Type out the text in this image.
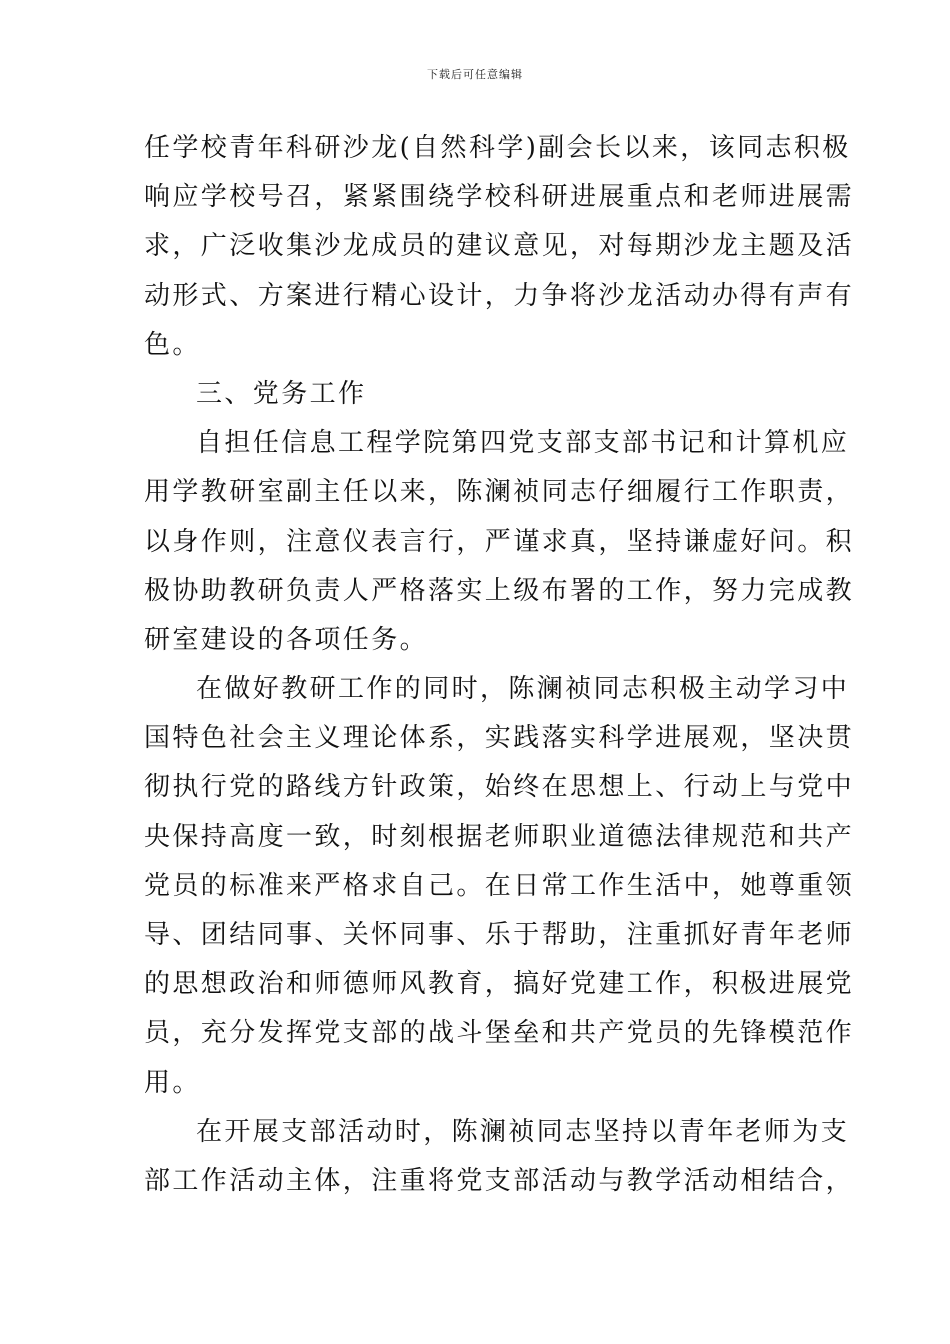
下载后可任意编辑
任学校青年科研沙龙(自然科学)副会长以来，该同志积极
响应学校号召，紧紧围绕学校科研进展重点和老师进展需
求，广泛收集沙龙成员的建议意见，对每期沙龙主题及活
动形式、方案进行精心设计，力争将沙龙活动办得有声有
色。
三、党务工作
自担任信息工程学院第四党支部支部书记和计算机应
用学教研室副主任以来，陈澜祯同志仔细履行工作职责，
以身作则，注意仪表言行，严谨求真，坚持谦虚好问。积
极协助教研负责人严格落实上级布署的工作，努力完成教
研室建设的各项任务。
在做好教研工作的同时，陈澜祯同志积极主动学习中
国特色社会主义理论体系，实践落实科学进展观，坚决贯
彻执行党的路线方针政策，始终在思想上、行动上与党中
央保持高度一致，时刻根据老师职业道德法律规范和共产
党员的标准来严格求自己。在日常工作生活中，她尊重领
导、团结同事、关怀同事、乐于帮助，注重抓好青年老师
的思想政治和师德师风教育，搞好党建工作，积极进展党
员，充分发挥党支部的战斗堡垒和共产党员的先锋模范作
用。
在开展支部活动时，陈澜祯同志坚持以青年老师为支
部工作活动主体，注重将党支部活动与教学活动相结合，
